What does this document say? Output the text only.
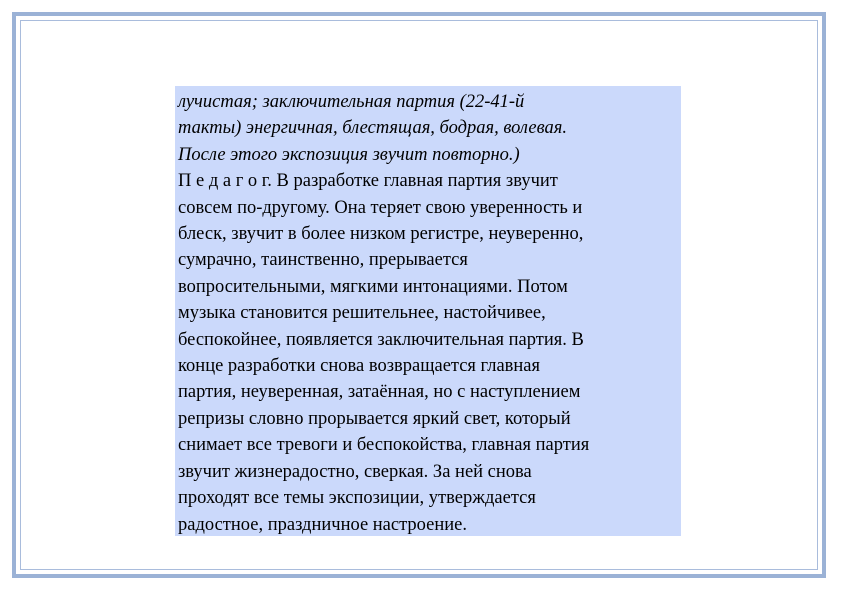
лучистая; заключительная партия (22-41-й
такты) энергичная, блестящая, бодрая, волевая.
После этого экспозиция звучит повторно.)
П е д а г о г. В разработке главная партия звучит
совсем по-другому. Она теряет свою уверенность и
блеск, звучит в более низком регистре, неуверенно,
сумрачно, таинственно, прерывается
вопросительными, мягкими интонациями. Потом
музыка становится решительнее, настойчивее,
беспокойнее, появляется заключительная партия. В
конце разработки снова возвращается главная
партия, неуверенная, затаённая, но с наступлением
репризы словно прорывается яркий свет, который
снимает все тревоги и беспокойства, главная партия
звучит жизнерадостно, сверкая. За ней снова
проходят все темы экспозиции, утверждается
радостное, праздничное настроение.
